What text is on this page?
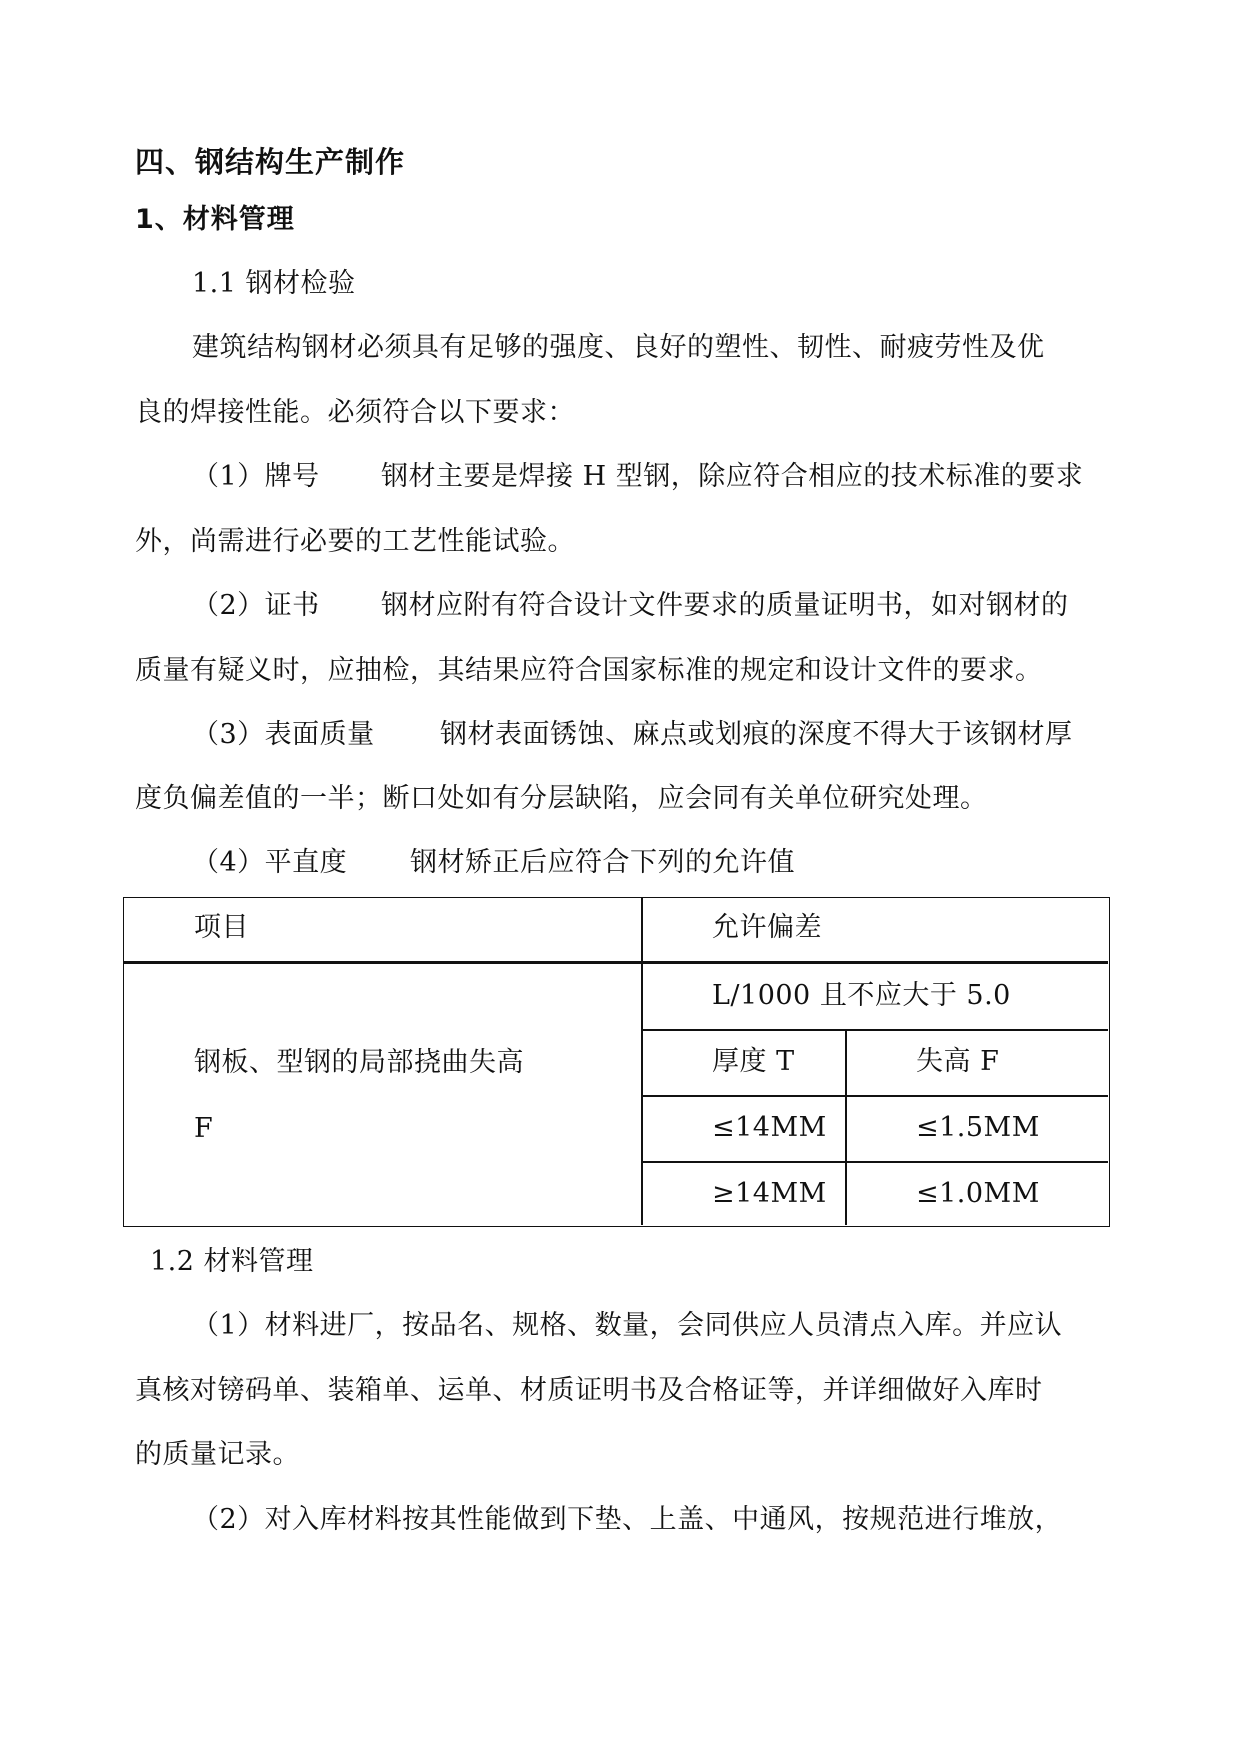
四、钢结构生产制作
1、材料管理
1.1 钢材检验
建筑结构钢材必须具有足够的强度、良好的塑性、韧性、耐疲劳性及优
良的焊接性能。必须符合以下要求：
（1）牌号 钢材主要是焊接 H 型钢，除应符合相应的技术标准的要求
外，尚需进行必要的工艺性能试验。
（2）证书 钢材应附有符合设计文件要求的质量证明书，如对钢材的
质量有疑义时，应抽检，其结果应符合国家标准的规定和设计文件的要求。
（3）表面质量 钢材表面锈蚀、麻点或划痕的深度不得大于该钢材厚
度负偏差值的一半；断口处如有分层缺陷，应会同有关单位研究处理。
（4）平直度 钢材矫正后应符合下列的允许值
项目	允许偏差
钢板、型钢的局部挠曲失高
F
L/1000 且不应大于 5.0
厚度 T	失高 F
≤14MM	≤1.5MM
≥14MM	≤1.0MM
1.2 材料管理
（1）材料进厂，按品名、规格、数量，会同供应人员清点入库。并应认
真核对镑码单、装箱单、运单、材质证明书及合格证等，并详细做好入库时
的质量记录。
（2）对入库材料按其性能做到下垫、上盖、中通风，按规范进行堆放，
